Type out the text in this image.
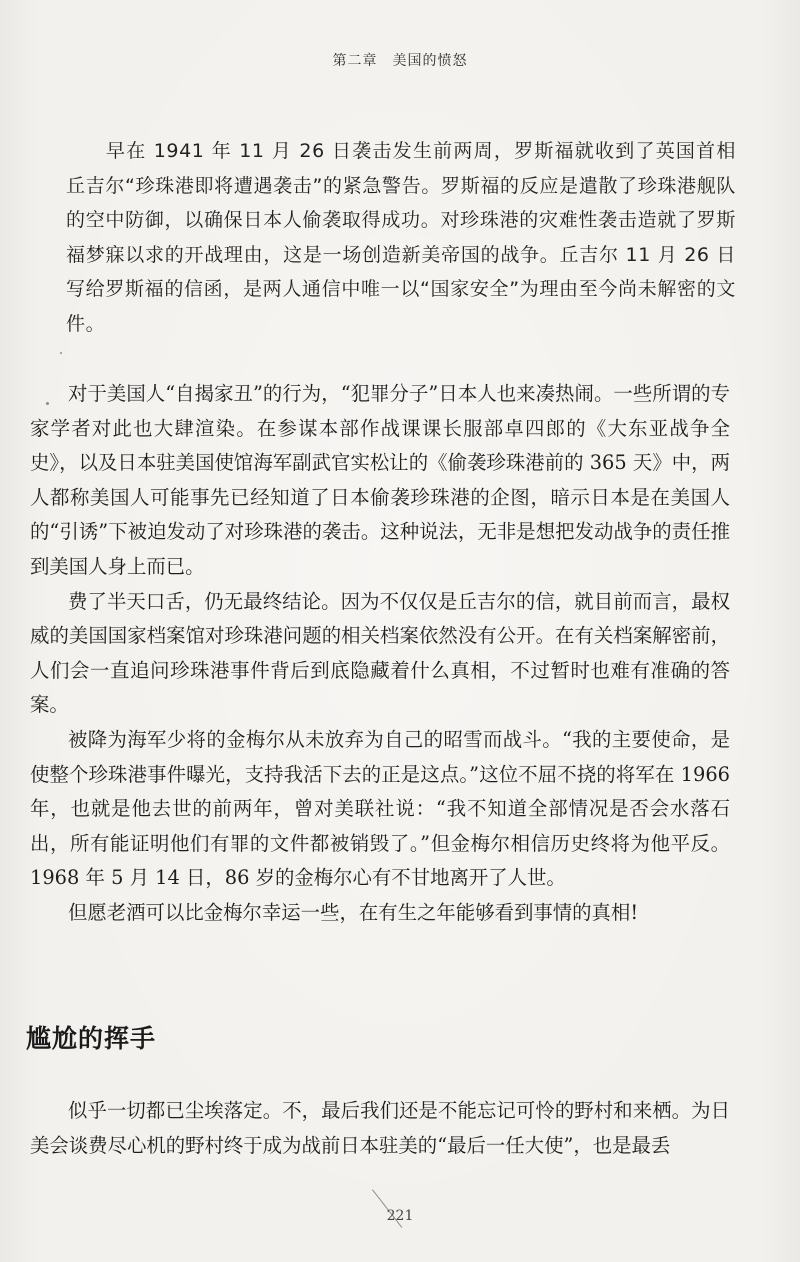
第二章　美国的愤怒

早在 1941 年 11 月 26 日袭击发生前两周，罗斯福就收到了英国首相丘吉尔“珍珠港即将遭遇袭击”的紧急警告。罗斯福的反应是遣散了珍珠港舰队的空中防御，以确保日本人偷袭取得成功。对珍珠港的灾难性袭击造就了罗斯福梦寐以求的开战理由，这是一场创造新美帝国的战争。丘吉尔 11 月 26 日写给罗斯福的信函，是两人通信中唯一以“国家安全”为理由至今尚未解密的文件。

对于美国人“自揭家丑”的行为，“犯罪分子”日本人也来凑热闹。一些所谓的专家学者对此也大肆渲染。在参谋本部作战课课长服部卓四郎的《大东亚战争全史》，以及日本驻美国使馆海军副武官实松让的《偷袭珍珠港前的 365 天》中，两人都称美国人可能事先已经知道了日本偷袭珍珠港的企图，暗示日本是在美国人的“引诱”下被迫发动了对珍珠港的袭击。这种说法，无非是想把发动战争的责任推到美国人身上而已。

费了半天口舌，仍无最终结论。因为不仅仅是丘吉尔的信，就目前而言，最权威的美国国家档案馆对珍珠港问题的相关档案依然没有公开。在有关档案解密前，人们会一直追问珍珠港事件背后到底隐藏着什么真相，不过暂时也难有准确的答案。

被降为海军少将的金梅尔从未放弃为自己的昭雪而战斗。“我的主要使命，是使整个珍珠港事件曝光，支持我活下去的正是这点。”这位不屈不挠的将军在 1966 年，也就是他去世的前两年，曾对美联社说：“我不知道全部情况是否会水落石出，所有能证明他们有罪的文件都被销毁了。”但金梅尔相信历史终将为他平反。1968 年 5 月 14 日，86 岁的金梅尔心有不甘地离开了人世。

但愿老酒可以比金梅尔幸运一些，在有生之年能够看到事情的真相!

尴尬的挥手

似乎一切都已尘埃落定。不，最后我们还是不能忘记可怜的野村和来栖。为日美会谈费尽心机的野村终于成为战前日本驻美的“最后一任大使”，也是最丢

221
